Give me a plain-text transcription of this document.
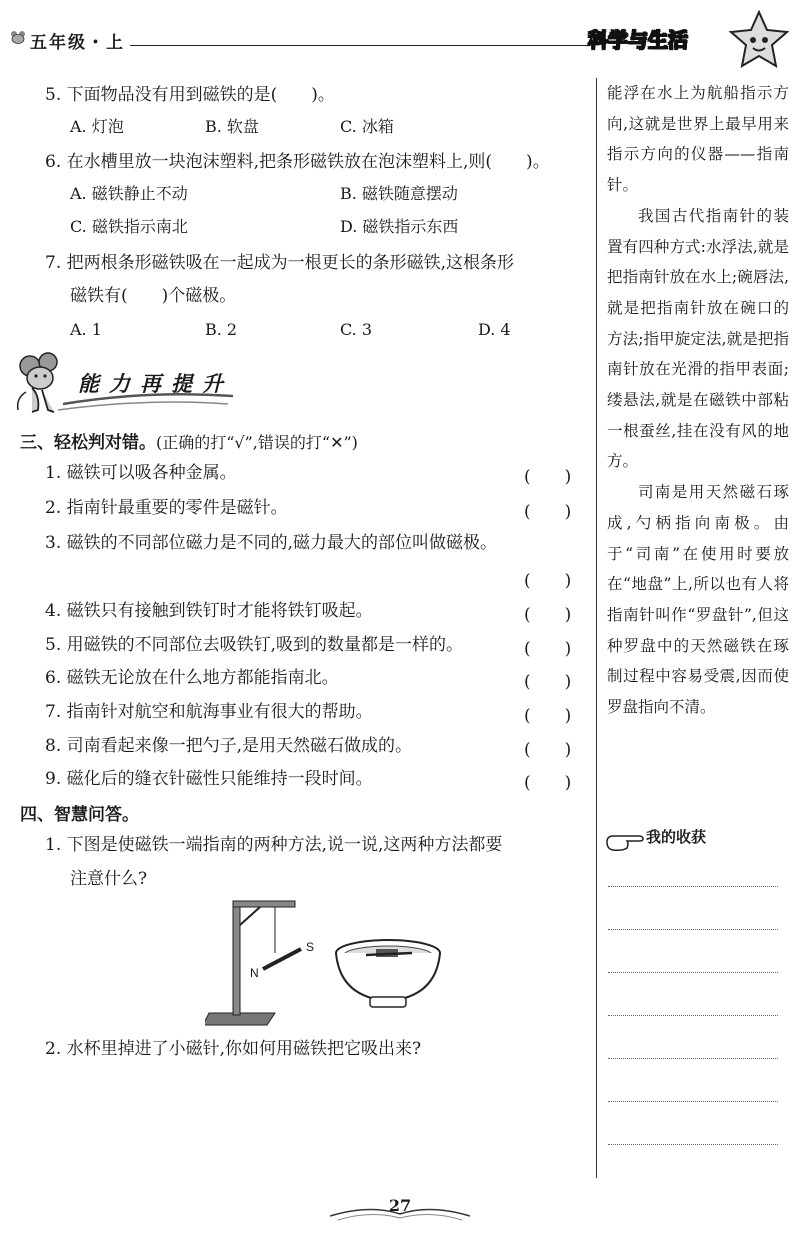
五年级・上	科学与生活
5. 下面物品没有用到磁铁的是(　　)。
A. 灯泡	B. 软盘	C. 冰箱
6. 在水槽里放一块泡沫塑料,把条形磁铁放在泡沫塑料上,则(　　)。
A. 磁铁静止不动	B. 磁铁随意摆动
C. 磁铁指示南北	D. 磁铁指示东西
7. 把两根条形磁铁吸在一起成为一根更长的条形磁铁,这根条形
磁铁有(　　)个磁极。
A. 1	B. 2	C. 3	D. 4
能力再提升
三、轻松判对错。(正确的打“√”,错误的打“✕”)
1. 磁铁可以吸各种金属。	(　　)
2. 指南针最重要的零件是磁针。	(　　)
3. 磁铁的不同部位磁力是不同的,磁力最大的部位叫做磁极。
(　　)
4. 磁铁只有接触到铁钉时才能将铁钉吸起。	(　　)
5. 用磁铁的不同部位去吸铁钉,吸到的数量都是一样的。	(　　)
6. 磁铁无论放在什么地方都能指南北。	(　　)
7. 指南针对航空和航海事业有很大的帮助。	(　　)
8. 司南看起来像一把勺子,是用天然磁石做成的。	(　　)
9. 磁化后的缝衣针磁性只能维持一段时间。	(　　)
四、智慧问答。
1. 下图是使磁铁一端指南的两种方法,说一说,这两种方法都要
注意什么?
S
N
2. 水杯里掉进了小磁针,你如何用磁铁把它吸出来?

能浮在水上为航船指示方向,这就是世界上最早用来指示方向的仪器——指南针。

我国古代指南针的装置有四种方式:水浮法,就是把指南针放在水上;碗唇法,就是把指南针放在碗口的方法;指甲旋定法,就是把指南针放在光滑的指甲表面;缕悬法,就是在磁铁中部粘一根蚕丝,挂在没有风的地方。

司南是用天然磁石琢成,勺柄指向南极。由于“司南”在使用时要放在“地盘”上,所以也有人将指南针叫作“罗盘针”,但这种罗盘中的天然磁铁在琢制过程中容易受震,因而使罗盘指向不清。

我的收获
27
